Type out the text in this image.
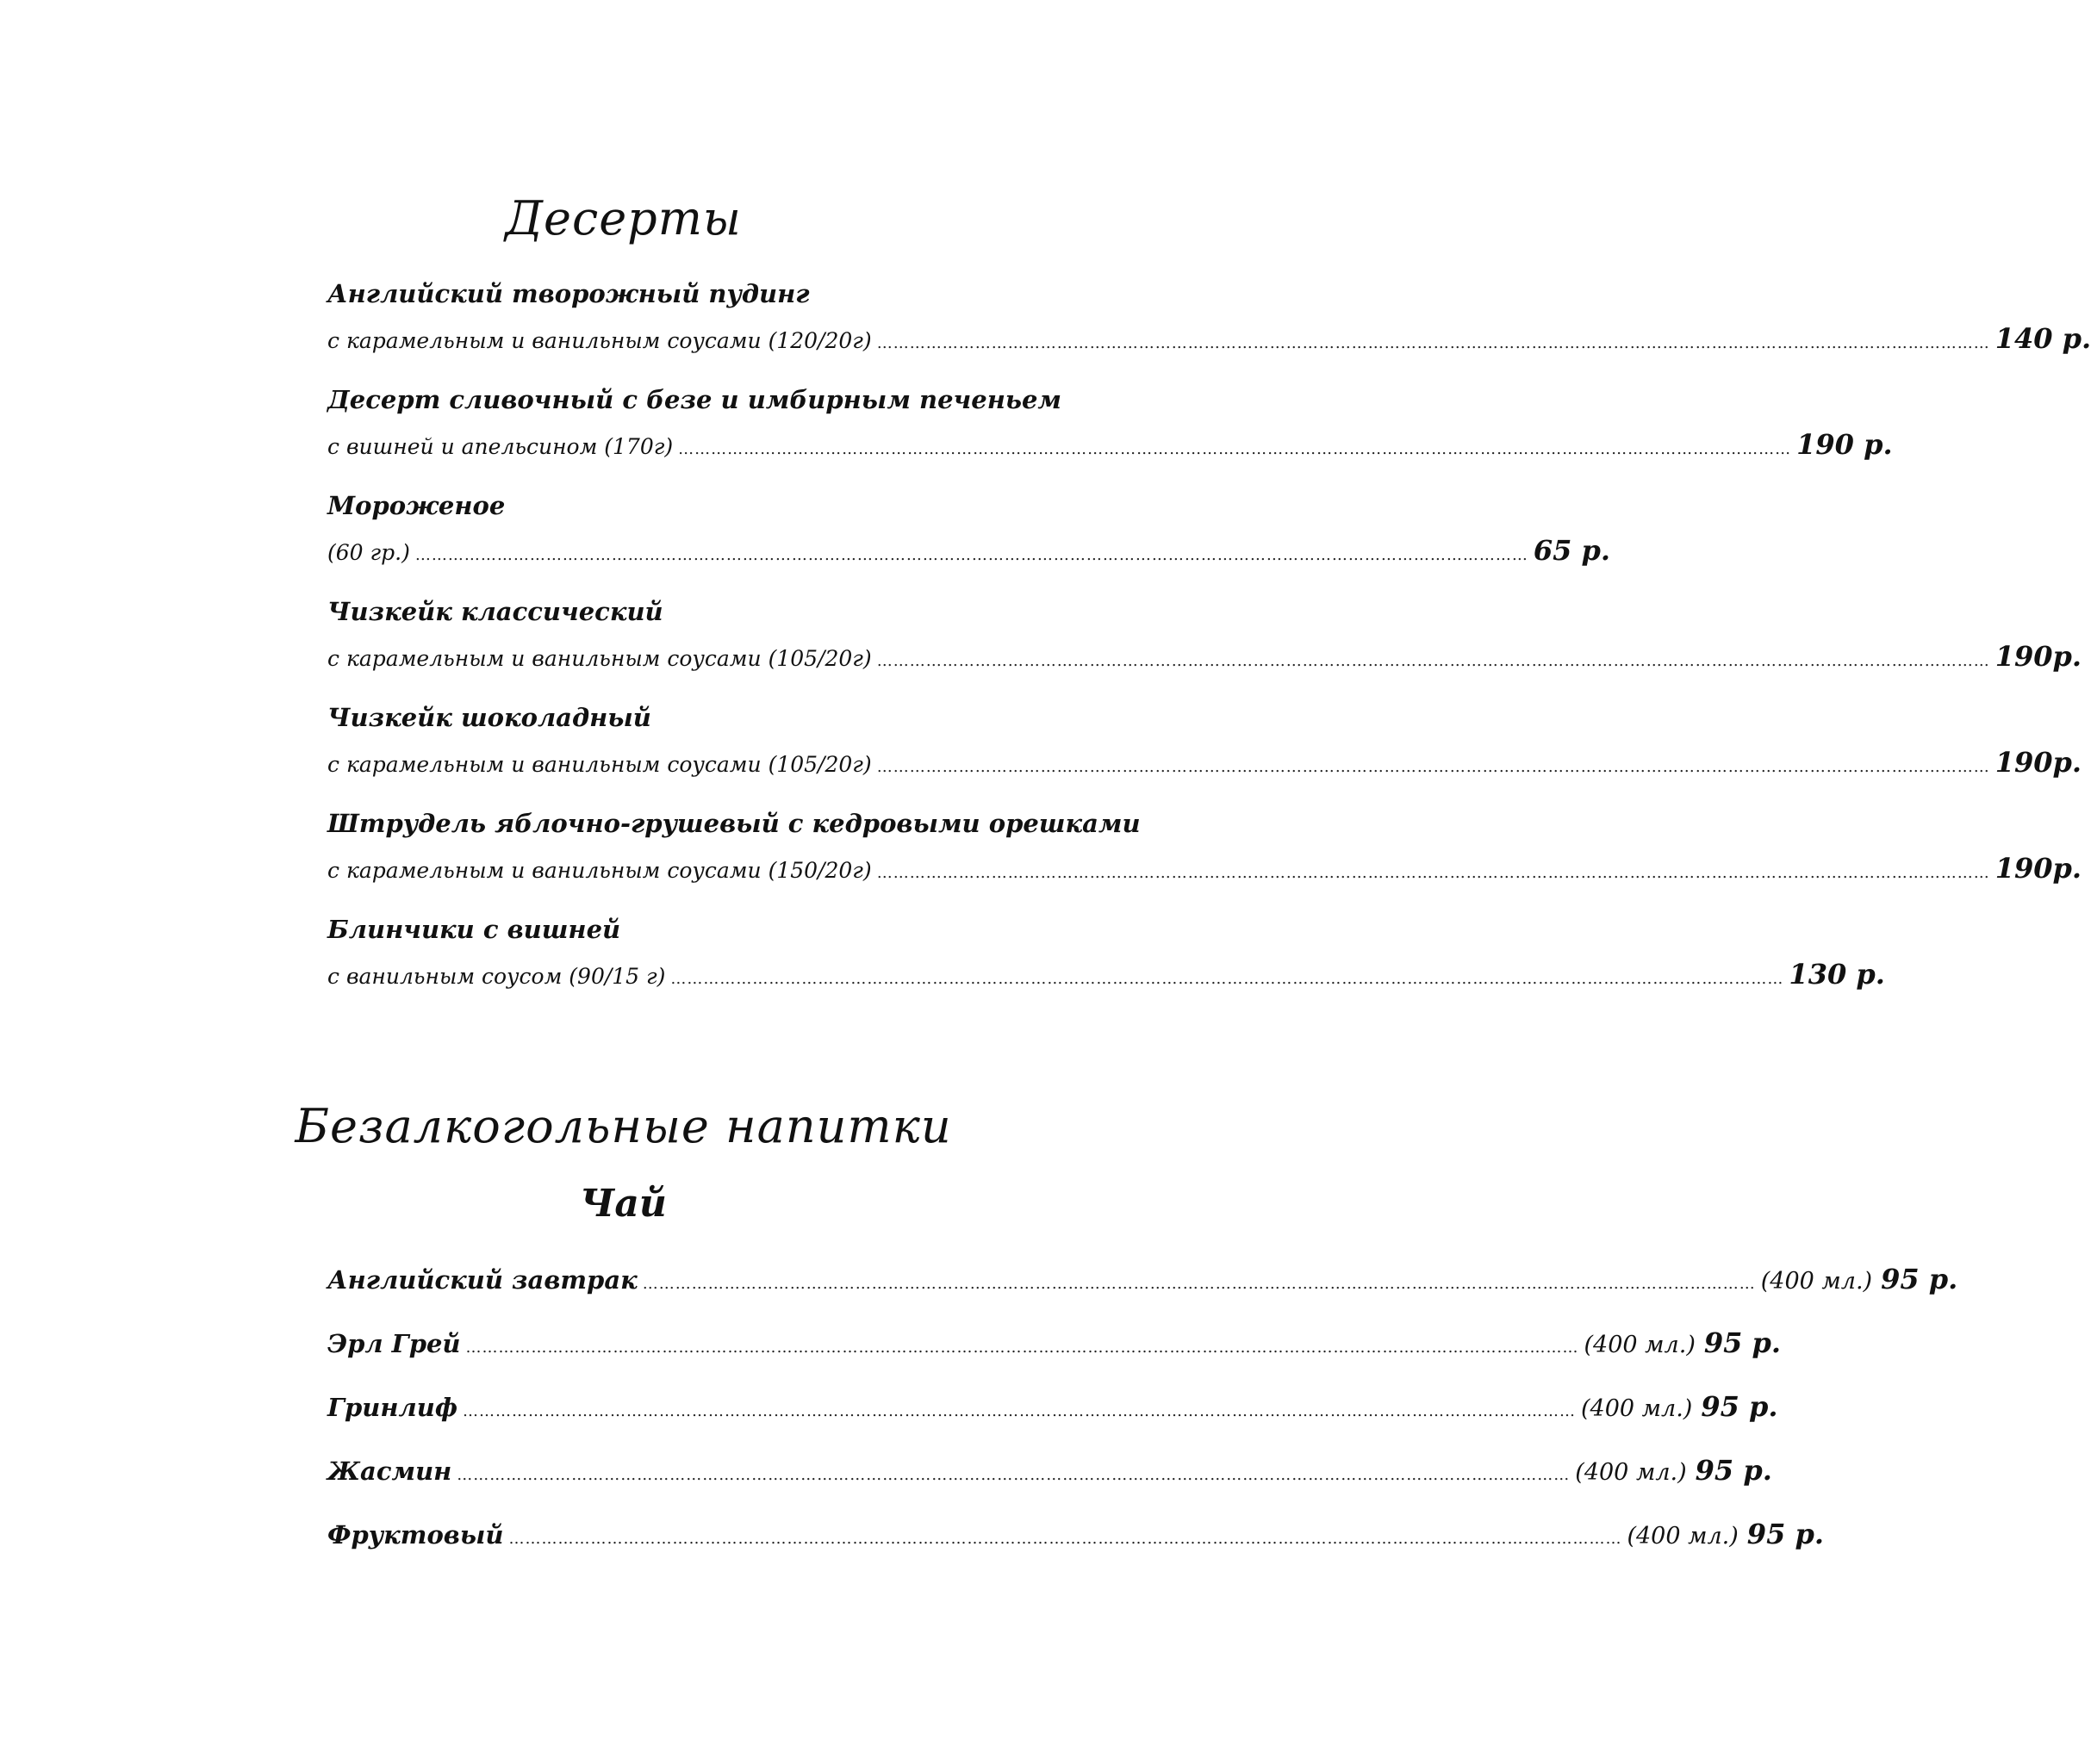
Десерты
Английский творожный пудинг
с карамельным и ванильным соусами (120/20г) …………………………………………………………………………………………………………………………………………………………………………………… 140 р.
Десерт сливочный с безе и имбирным печеньем
с вишней и апельсином (170г) …………………………………………………………………………………………………………………………………………………………………………………… 190 р.
Мороженое
(60 гр.) …………………………………………………………………………………………………………………………………………………………………………………… 65 р.
Чизкейк классический
с карамельным и ванильным соусами (105/20г) …………………………………………………………………………………………………………………………………………………………………………………… 190р.
Чизкейк шоколадный
с карамельным и ванильным соусами (105/20г) …………………………………………………………………………………………………………………………………………………………………………………… 190р.
Штрудель яблочно-грушевый с кедровыми орешками
с карамельным и ванильным соусами (150/20г) …………………………………………………………………………………………………………………………………………………………………………………… 190р.
Блинчики с вишней
с ванильным соусом (90/15 г) …………………………………………………………………………………………………………………………………………………………………………………… 130 р.
Безалкогольные напитки
Чай
Английский завтрак …………………………………………………………………………………………………………………………………………………………………………………… (400 мл.) 95 р.
Эрл Грей …………………………………………………………………………………………………………………………………………………………………………………… (400 мл.) 95 р.
Гринлиф …………………………………………………………………………………………………………………………………………………………………………………… (400 мл.) 95 р.
Жасмин …………………………………………………………………………………………………………………………………………………………………………………… (400 мл.) 95 р.
Фруктовый …………………………………………………………………………………………………………………………………………………………………………………… (400 мл.) 95 р.
